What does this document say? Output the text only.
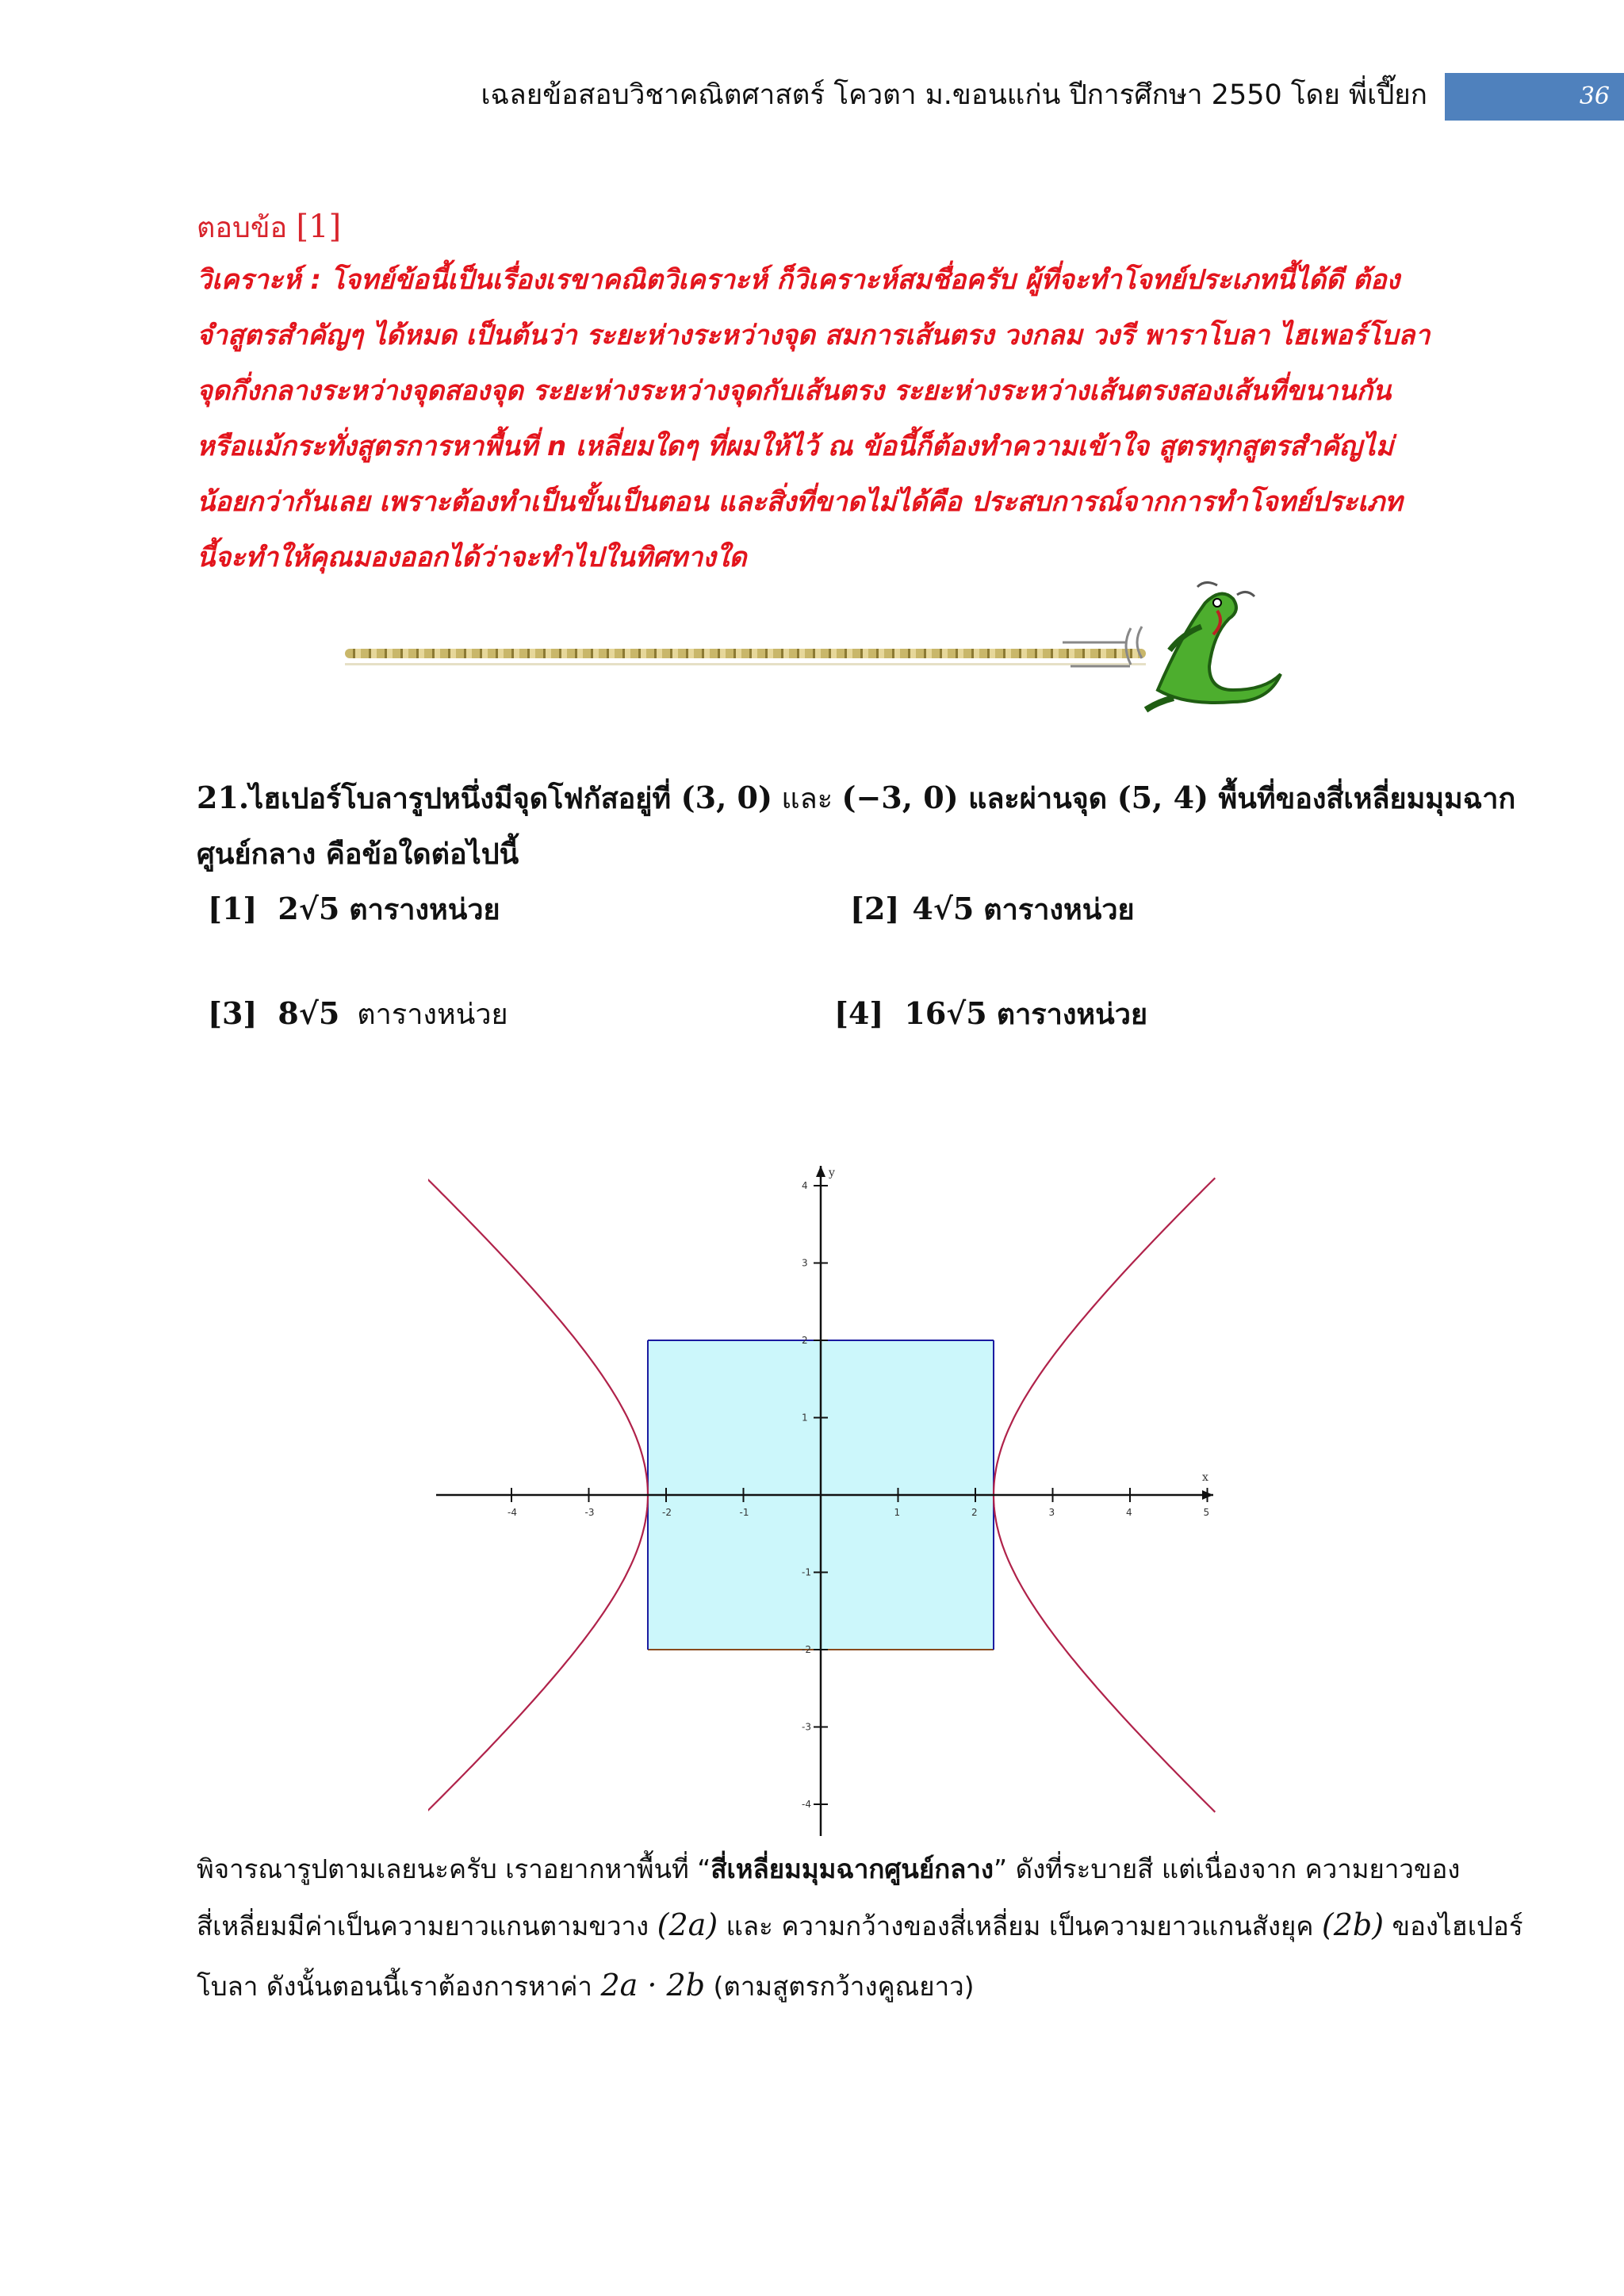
เฉลยข้อสอบวิชาคณิตศาสตร์ โควตา ม.ขอนแก่น ปีการศึกษา 2550 โดย พี่เปี๊ยก	36
ตอบข้อ [1]
วิเคราะห์ : โจทย์ข้อนี้เป็นเรื่องเรขาคณิตวิเคราะห์ ก็วิเคราะห์สมชื่อครับ ผู้ที่จะทำโจทย์ประเภทนี้ได้ดี ต้อง
จำสูตรสำคัญๆ ได้หมด เป็นต้นว่า ระยะห่างระหว่างจุด สมการเส้นตรง วงกลม วงรี พาราโบลา ไฮเพอร์โบลา
จุดกึ่งกลางระหว่างจุดสองจุด ระยะห่างระหว่างจุดกับเส้นตรง ระยะห่างระหว่างเส้นตรงสองเส้นที่ขนานกัน
หรือแม้กระทั่งสูตรการหาพื้นที่ n เหลี่ยมใดๆ ที่ผมให้ไว้ ณ ข้อนี้ก็ต้องทำความเข้าใจ สูตรทุกสูตรสำคัญไม่
น้อยกว่ากันเลย เพราะต้องทำเป็นขั้นเป็นตอน และสิ่งที่ขาดไม่ได้คือ ประสบการณ์จากการทำโจทย์ประเภท
นี้จะทำให้คุณมองออกได้ว่าจะทำไปในทิศทางใด
21.ไฮเปอร์โบลารูปหนึ่งมีจุดโฟกัสอยู่ที่ (3, 0) และ (−3, 0) และผ่านจุด (5, 4) พื้นที่ของสี่เหลี่ยมมุมฉาก
ศูนย์กลาง คือข้อใดต่อไปนี้
[1] 2√5 ตารางหน่วย	[2] 4√5 ตารางหน่วย
[3] 8√5 ตารางหน่วย	[4] 16√5 ตารางหน่วย
x
y
-4	-3	-2	-1	1	2	3	4	5
4
3
2
1
-1
-2
-3
-4
พิจารณารูปตามเลยนะครับ เราอยากหาพื้นที่ “สี่เหลี่ยมมุมฉากศูนย์กลาง” ดังที่ระบายสี แต่เนื่องจาก ความยาวของ
สี่เหลี่ยมมีค่าเป็นความยาวแกนตามขวาง (2a) และ ความกว้างของสี่เหลี่ยม เป็นความยาวแกนสังยุค (2b) ของไฮเปอร์
โบลา ดังนั้นตอนนี้เราต้องการหาค่า 2a · 2b (ตามสูตรกว้างคูณยาว)
